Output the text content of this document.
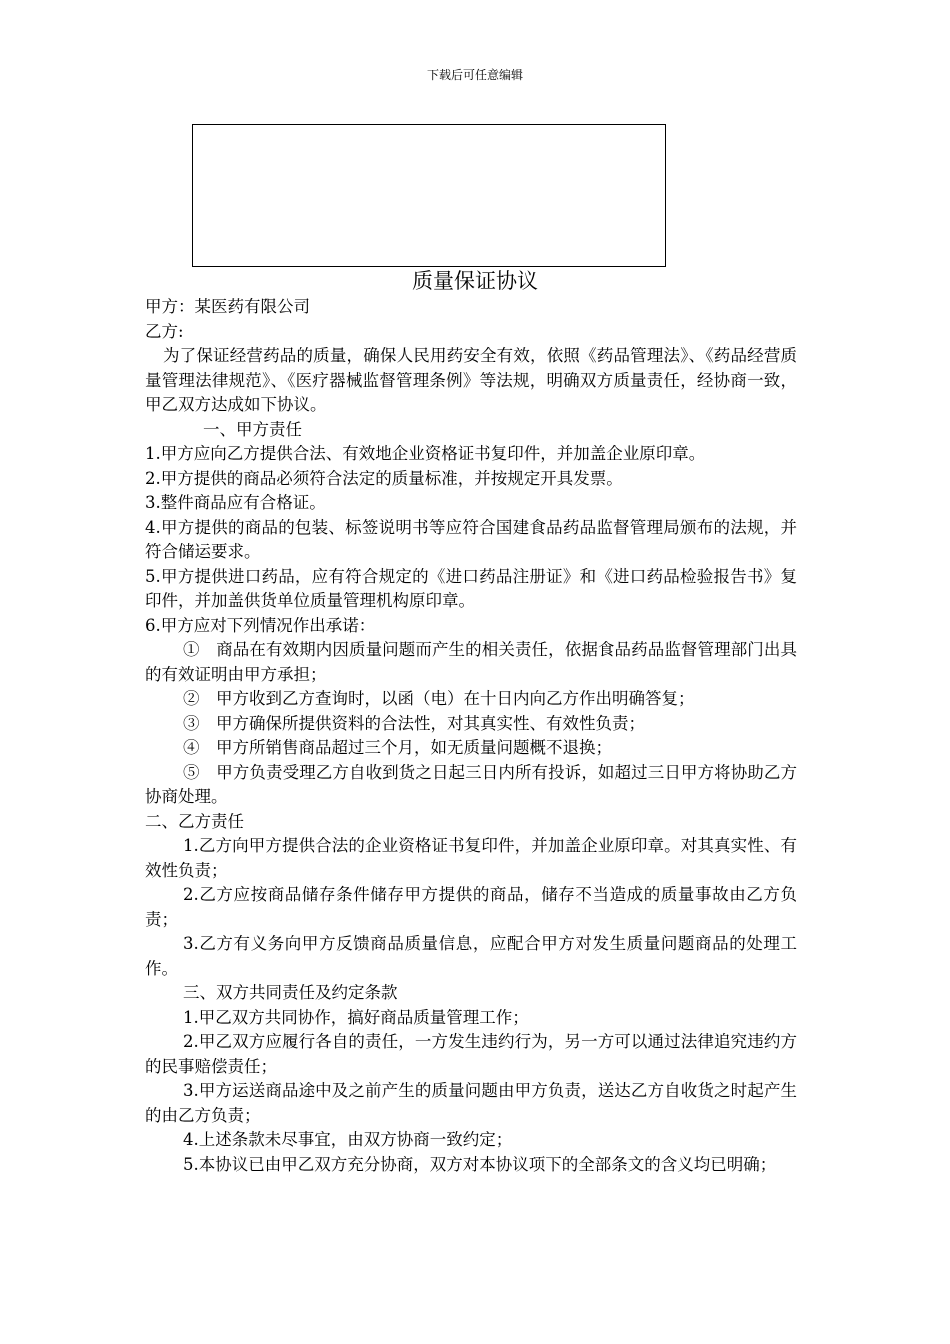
下载后可任意编辑
质量保证协议

甲方：某医药有限公司

乙方:

为了保证经营药品的质量，确保人民用药安全有效，依照《药品管理法》、《药品经营质量管理法律规范》、《医疗器械监督管理条例》等法规，明确双方质量责任，经协商一致，甲乙双方达成如下协议。

一、甲方责任

1.甲方应向乙方提供合法、有效地企业资格证书复印件，并加盖企业原印章。

2.甲方提供的商品必须符合法定的质量标准，并按规定开具发票。

3.整件商品应有合格证。

4.甲方提供的商品的包装、标签说明书等应符合国建食品药品监督管理局颁布的法规，并符合储运要求。

5.甲方提供进口药品，应有符合规定的《进口药品注册证》和《进口药品检验报告书》复印件，并加盖供货单位质量管理机构原印章。

6.甲方应对下列情况作出承诺：

①　商品在有效期内因质量问题而产生的相关责任，依据食品药品监督管理部门出具的有效证明由甲方承担；

②　甲方收到乙方查询时，以函（电）在十日内向乙方作出明确答复；

③　甲方确保所提供资料的合法性，对其真实性、有效性负责；

④　甲方所销售商品超过三个月，如无质量问题概不退换；

⑤　甲方负责受理乙方自收到货之日起三日内所有投诉，如超过三日甲方将协助乙方协商处理。

二、乙方责任

1.乙方向甲方提供合法的企业资格证书复印件，并加盖企业原印章。对其真实性、有效性负责；

2.乙方应按商品储存条件储存甲方提供的商品，储存不当造成的质量事故由乙方负责；

3.乙方有义务向甲方反馈商品质量信息，应配合甲方对发生质量问题商品的处理工作。

三、双方共同责任及约定条款

1.甲乙双方共同协作，搞好商品质量管理工作；

2.甲乙双方应履行各自的责任，一方发生违约行为，另一方可以通过法律追究违约方的民事赔偿责任；

3.甲方运送商品途中及之前产生的质量问题由甲方负责，送达乙方自收货之时起产生的由乙方负责；

4.上述条款未尽事宜，由双方协商一致约定；

5.本协议已由甲乙双方充分协商，双方对本协议项下的全部条文的含义均已明确；
